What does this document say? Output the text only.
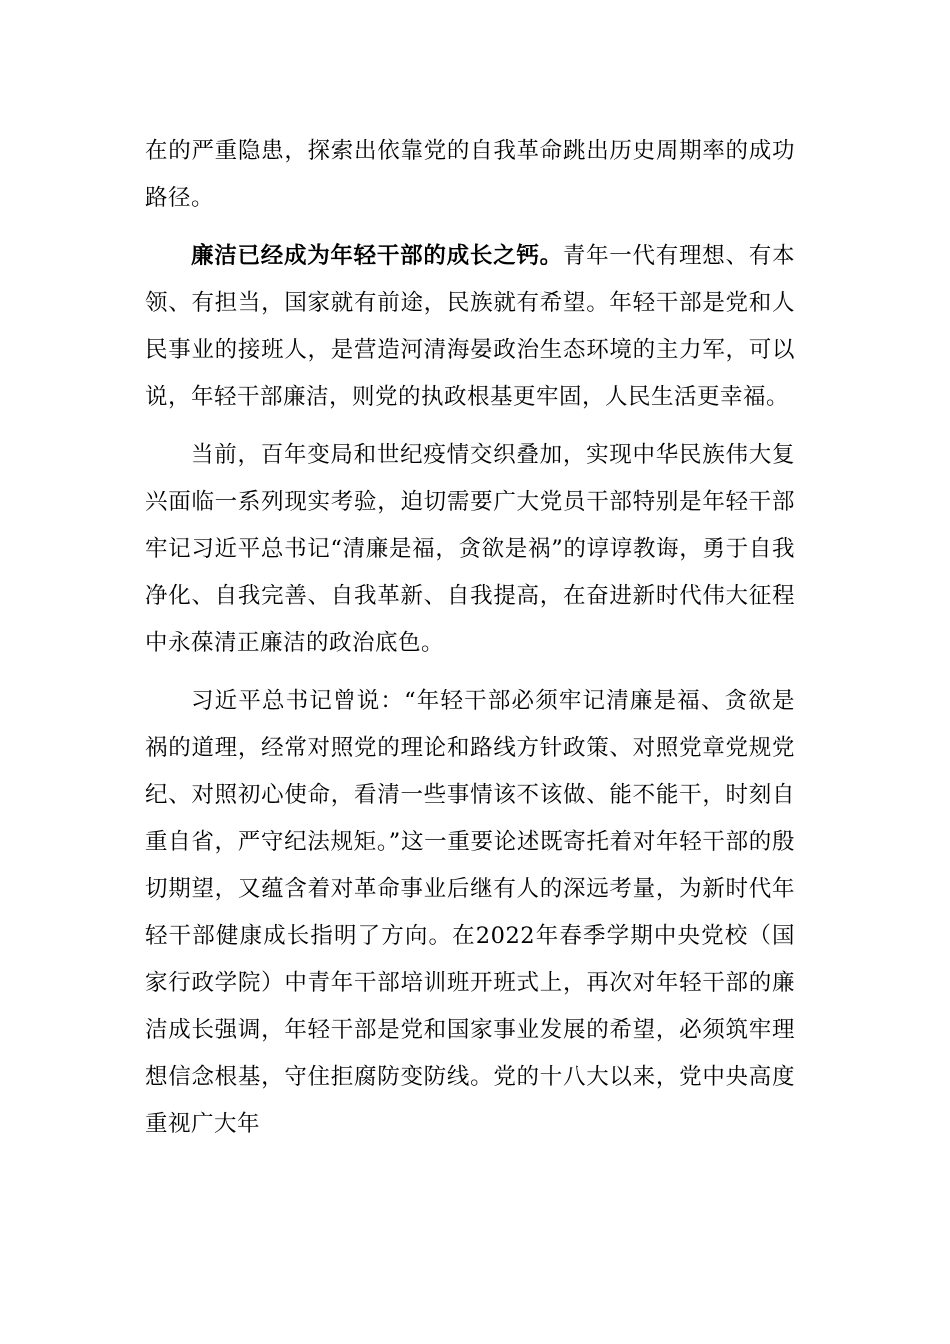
在的严重隐患，探索出依靠党的自我革命跳出历史周期率的成功路径。

廉洁已经成为年轻干部的成长之钙。青年一代有理想、有本领、有担当，国家就有前途，民族就有希望。年轻干部是党和人民事业的接班人，是营造河清海晏政治生态环境的主力军，可以说，年轻干部廉洁，则党的执政根基更牢固，人民生活更幸福。

当前，百年变局和世纪疫情交织叠加，实现中华民族伟大复兴面临一系列现实考验，迫切需要广大党员干部特别是年轻干部牢记习近平总书记“清廉是福，贪欲是祸”的谆谆教诲，勇于自我净化、自我完善、自我革新、自我提高，在奋进新时代伟大征程中永葆清正廉洁的政治底色。

习近平总书记曾说：“年轻干部必须牢记清廉是福、贪欲是祸的道理，经常对照党的理论和路线方针政策、对照党章党规党纪、对照初心使命，看清一些事情该不该做、能不能干，时刻自重自省，严守纪法规矩。”这一重要论述既寄托着对年轻干部的殷切期望，又蕴含着对革命事业后继有人的深远考量，为新时代年轻干部健康成长指明了方向。在2022年春季学期中央党校（国家行政学院）中青年干部培训班开班式上，再次对年轻干部的廉洁成长强调，年轻干部是党和国家事业发展的希望，必须筑牢理想信念根基，守住拒腐防变防线。党的十八大以来，党中央高度重视广大年
